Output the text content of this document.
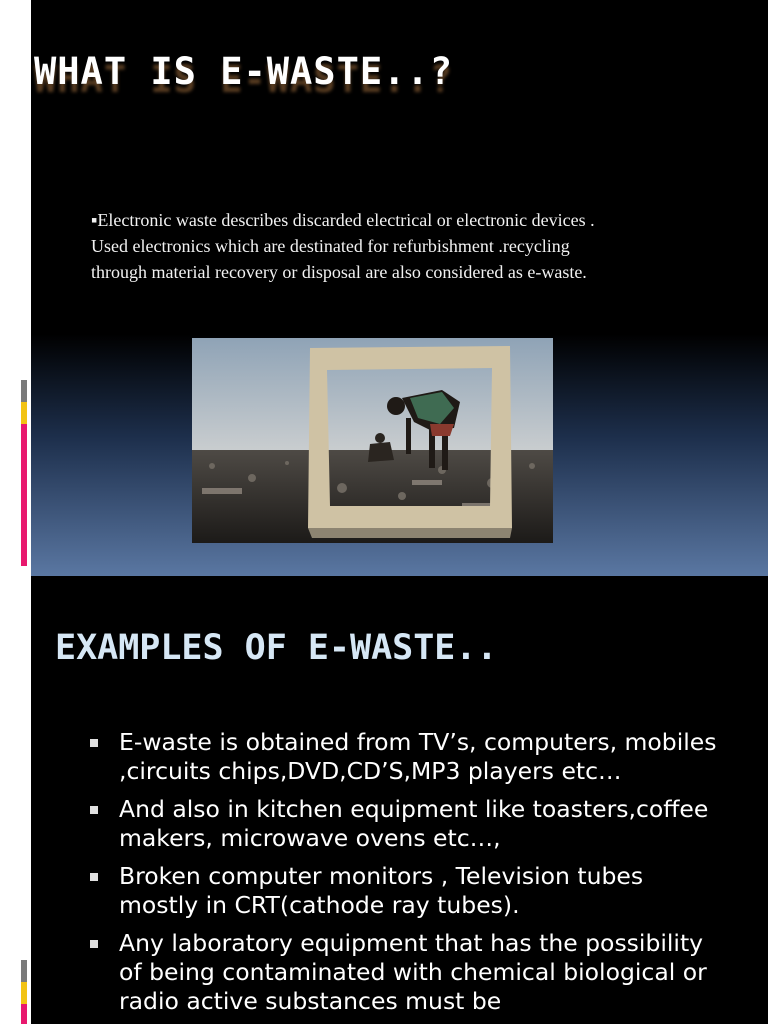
WHAT IS E-WASTE..?

▪Electronic waste describes discarded electrical or electronic devices . Used electronics which are destinated for refurbishment .recycling through material recovery or disposal are also considered as e-waste.

EXAMPLES OF E-WASTE..
E-waste is obtained from TV’s, computers, mobiles ,circuits chips,DVD,CD’S,MP3 players etc…
And also in kitchen equipment like toasters,coffee makers, microwave ovens etc…,
Broken computer monitors , Television tubes mostly in CRT(cathode ray tubes).
Any laboratory equipment that has the possibility of being contaminated with chemical biological or radio active substances must be
